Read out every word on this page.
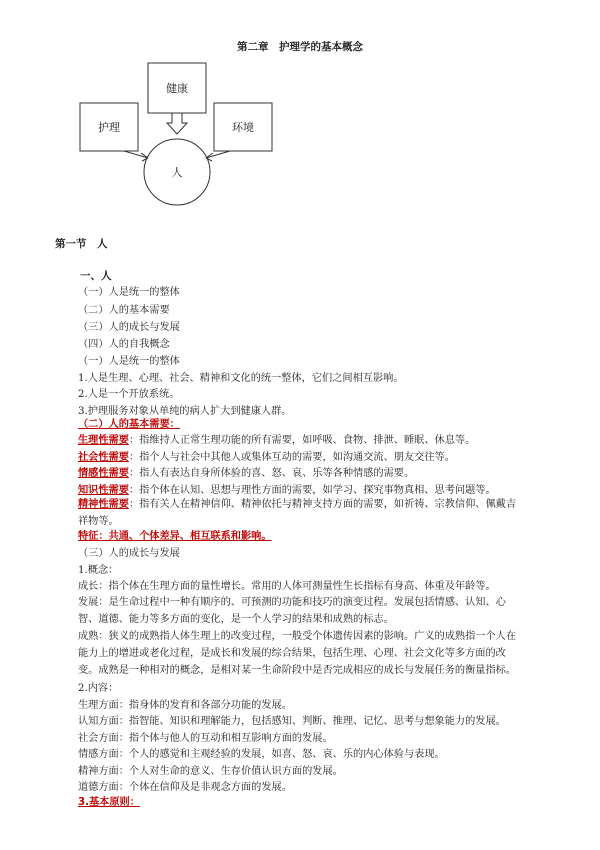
第二章　护理学的基本概念
健康
护理	环境
人
第一节　人
一、人
（一）人是统一的整体
（二）人的基本需要
（三）人的成长与发展
（四）人的自我概念
（一）人是统一的整体
1.人是生理、心理、社会、精神和文化的统一整体，它们之间相互影响。
2.人是一个开放系统。
3.护理服务对象从单纯的病人扩大到健康人群。
（二）人的基本需要：
生理性需要：指维持人正常生理功能的所有需要，如呼吸、食物、排泄、睡眠、休息等。
社会性需要：指个人与社会中其他人或集体互动的需要，如沟通交流、朋友交往等。
情感性需要：指人有表达自身所体验的喜、怒、哀、乐等各种情感的需要。
知识性需要：指个体在认知、思想与理性方面的需要，如学习、探究事物真相、思考问题等。
精神性需要：指有关人在精神信仰、精神依托与精神支持方面的需要，如祈祷、宗教信仰、佩戴吉祥物等。
特征：共通、个体差异、相互联系和影响。
（三）人的成长与发展
1.概念：
成长：指个体在生理方面的量性增长。常用的人体可测量性生长指标有身高、体重及年龄等。
发展：是生命过程中一种有顺序的、可预测的功能和技巧的演变过程。发展包括情感、认知、心智、道德、能力等多方面的变化，是一个人学习的结果和成熟的标志。
成熟：狭义的成熟指人体生理上的改变过程，一般受个体遗传因素的影响。广义的成熟指一个人在能力上的增进或老化过程，是成长和发展的综合结果，包括生理、心理、社会文化等多方面的改变。成熟是一种相对的概念，是相对某一生命阶段中是否完成相应的成长与发展任务的衡量指标。
2.内容：
生理方面：指身体的发育和各部分功能的发展。
认知方面：指智能、知识和理解能力，包括感知、判断、推理、记忆、思考与想象能力的发展。
社会方面：指个体与他人的互动和相互影响方面的发展。
情感方面：个人的感觉和主观经验的发展，如喜、怒、哀、乐的内心体验与表现。
精神方面：个人对生命的意义、生存价值认识方面的发展。
道德方面：个体在信仰及是非观念方面的发展。
3.基本原则：
